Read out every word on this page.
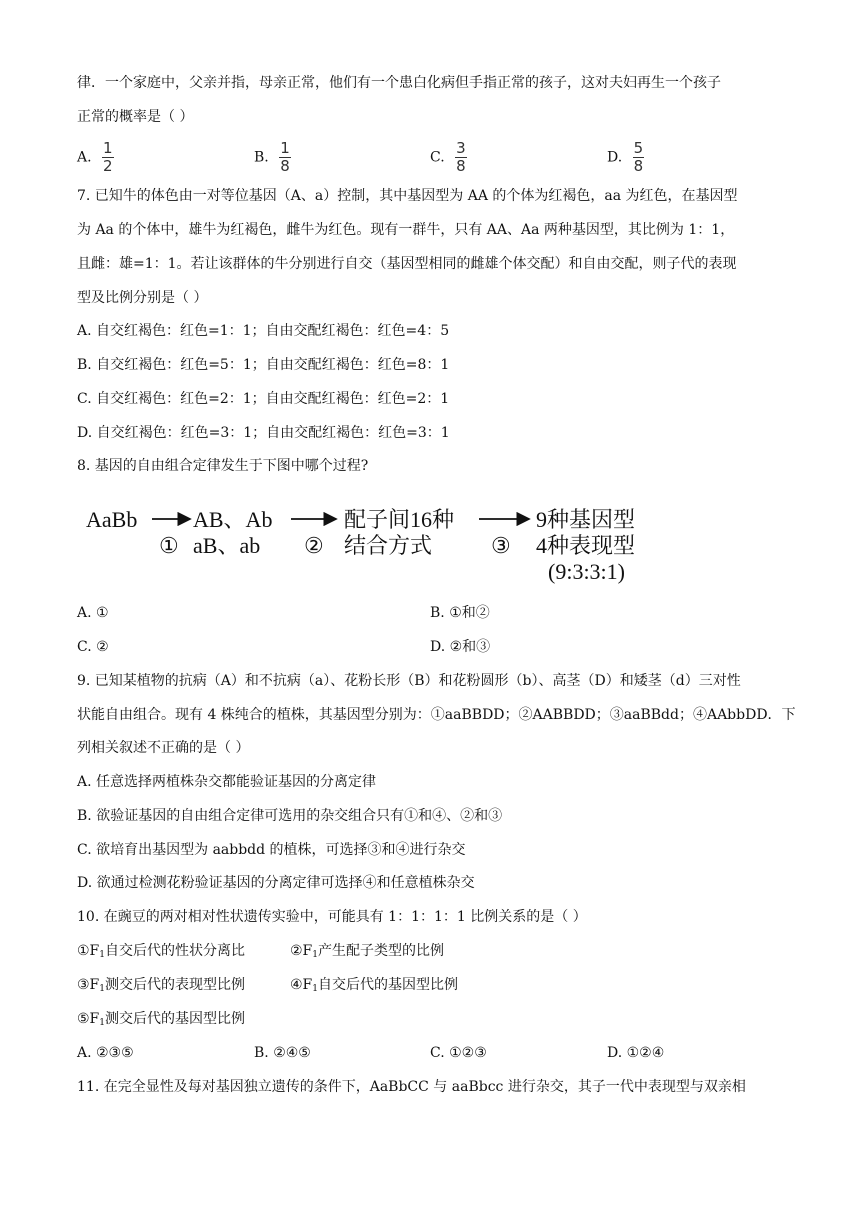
律．一个家庭中，父亲并指，母亲正常，他们有一个患白化病但手指正常的孩子，这对夫妇再生一个孩子
正常的概率是（ ）
A. $\frac{1}{2}$	B. $\frac{1}{8}$	C. $\frac{3}{8}$	D. $\frac{5}{8}$
7. 已知牛的体色由一对等位基因（A、a）控制，其中基因型为 AA 的个体为红褐色，aa 为红色，在基因型
为 Aa 的个体中，雄牛为红褐色，雌牛为红色。现有一群牛，只有 AA、Aa 两种基因型，其比例为 1：1，
且雌：雄=1：1。若让该群体的牛分别进行自交（基因型相同的雌雄个体交配）和自由交配，则子代的表现
型及比例分别是（ ）
A. 自交红褐色：红色=1：1；自由交配红褐色：红色=4：5
B. 自交红褐色：红色=5：1；自由交配红褐色：红色=8：1
C. 自交红褐色：红色=2：1；自由交配红褐色：红色=2：1
D. 自交红褐色：红色=3：1；自由交配红褐色：红色=3：1
8. 基因的自由组合定律发生于下图中哪个过程?
AaBb
①
AB、Ab
aB、ab ②
配子间16种
结合方式	③
9种基因型
4种表现型
(9:3:3:1)
A. ①	B. ①和②
C. ②	D. ②和③
9. 已知某植物的抗病（A）和不抗病（a）、花粉长形（B）和花粉圆形（b）、高茎（D）和矮茎（d）三对性
状能自由组合。现有 4 株纯合的植株，其基因型分别为：①aaBBDD；②AABBDD；③aaBBdd；④AAbbDD．下
列相关叙述不正确的是（ ）
A. 任意选择两植株杂交都能验证基因的分离定律
B. 欲验证基因的自由组合定律可选用的杂交组合只有①和④、②和③
C. 欲培育出基因型为 aabbdd 的植株，可选择③和④进行杂交
D. 欲通过检测花粉验证基因的分离定律可选择④和任意植株杂交
10. 在豌豆的两对相对性状遗传实验中，可能具有 1：1：1：1 比例关系的是（ ）
$①F_1$自交后代的性状分离比	$②F_1$产生配子类型的比例
$③F_1$测交后代的表现型比例	$④F_1$自交后代的基因型比例
$⑤F_1$测交后代的基因型比例
A. ②③⑤	B. ②④⑤	C. ①②③	D. ①②④
11. 在完全显性及每对基因独立遗传的条件下，AaBbCC 与 aaBbcc 进行杂交，其子一代中表现型与双亲相
